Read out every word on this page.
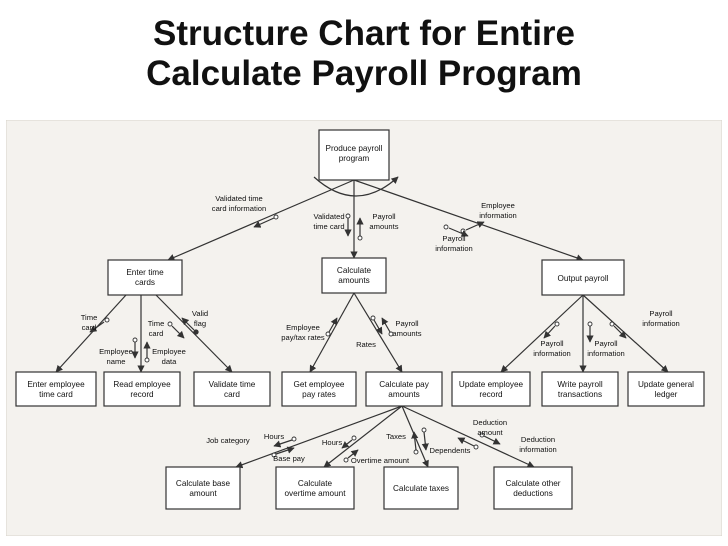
Structure Chart for Entire
Calculate Payroll Program
Produce payroll
program
Enter time
cards
Calculate
amounts	Output payroll
Enter employee
time card
Read employee
record
Validate time
card
Get employee
pay rates
Calculate pay
amounts
Update employee
record
Write payroll
transactions
Update general
ledger
Calculate base
amount
Calculate
overtime amount
Calculate taxes
Calculate other
deductions
Validated time
card information
Validated
time card
Payroll
amounts
Employee
information
Payroll
information
Time
card	Time
card
Valid
flag
Employee
name
Employee
data
Employee
pay/tax rates
Payroll
amounts
Rates
Payroll
information
Payroll
information
Payroll
information
Job category Hours
Base pay
Hours
Overtime amount
Taxes
Dependents
Deduction
amount
Deduction
information
